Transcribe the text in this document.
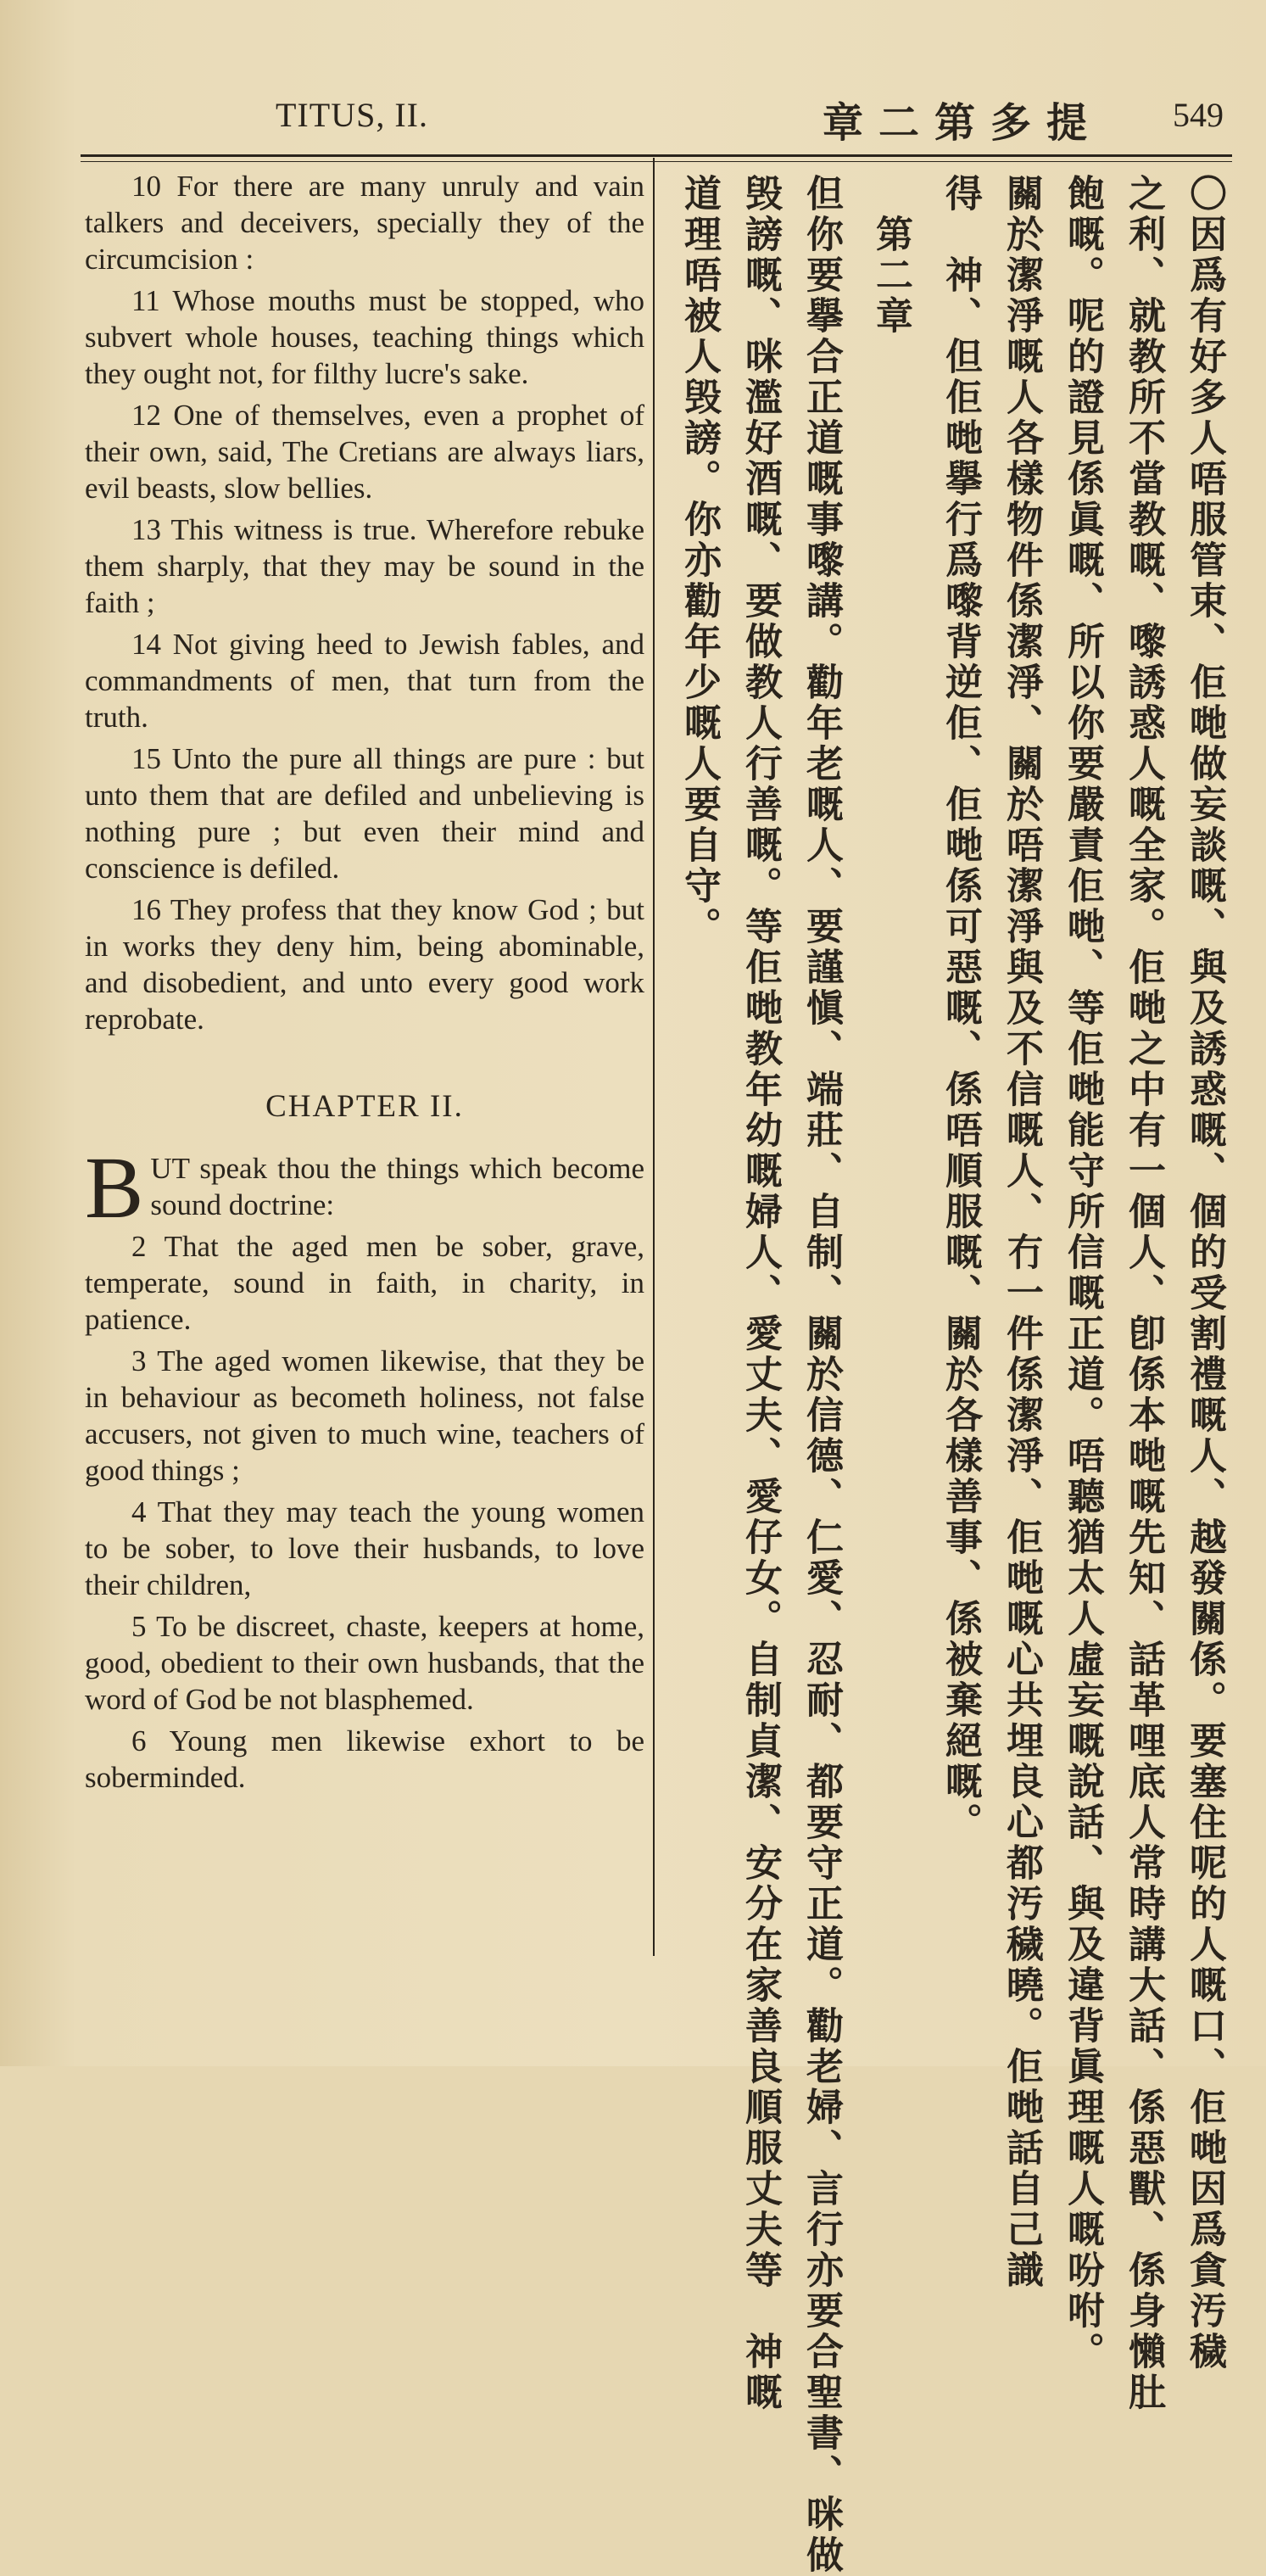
TITUS, II.	章二第多提 549

10 For there are many unruly and vain talkers and deceivers, specially they of the circumcision :

11 Whose mouths must be stopped, who subvert whole houses, teaching things which they ought not, for filthy lucre's sake.

12 One of themselves, even a prophet of their own, said, The Cretians are always liars, evil beasts, slow bellies.

13 This witness is true. Wherefore rebuke them sharply, that they may be sound in the faith ;

14 Not giving heed to Jewish fables, and commandments of men, that turn from the truth.

15 Unto the pure all things are pure : but unto them that are defiled and unbelieving is nothing pure ; but even their mind and conscience is defiled.

16 They profess that they know God ; but in works they deny him, being abominable, and disobedient, and unto every good work reprobate.

CHAPTER II.

BUT speak thou the things which become sound doctrine:

2 That the aged men be sober, grave, temperate, sound in faith, in charity, in patience.

3 The aged women likewise, that they be in behaviour as becometh holiness, not false accusers, not given to much wine, teachers of good things ;

4 That they may teach the young women to be sober, to love their husbands, to love their children,

5 To be discreet, chaste, keepers at home, good, obedient to their own husbands, that the word of God be not blasphemed.

6 Young men likewise exhort to be soberminded.	〇因爲有好多人唔服管束、佢哋做妄談嘅、與及誘惑嘅、個的受割禮嘅人、越發關係。要塞住呢的人嘅口、佢哋因爲貪汚穢
之利、就教所不當教嘅、嚟誘惑人嘅全家。佢哋之中有一個人、卽係本哋嘅先知、話革哩底人常時講大話、係惡獸、係身懶肚
飽嘅。呢的證見係眞嘅、所以你要嚴責佢哋、等佢哋能守所信嘅正道。唔聽猶太人虛妄嘅說話、與及違背眞理嘅人嘅吩咐。
關於潔淨嘅人各樣物件係潔淨、關於唔潔淨與及不信嘅人、冇一件係潔淨、佢哋嘅心共埋良心都汚穢曉。佢哋話自己識
得　神、但佢哋擧行爲嚟背逆佢、佢哋係可惡嘅、係唔順服嘅、關於各樣善事、係被棄絕嘅。
　第二章
但你要擧合正道嘅事嚟講。勸年老嘅人、要謹愼、端莊、自制、關於信德、仁愛、忍耐、都要守正道。勸老婦、言行亦要合聖書、咪做
毁謗嘅、咪濫好酒嘅、要做教人行善嘅。等佢哋教年幼嘅婦人、愛丈夫、愛仔女。自制貞潔、安分在家善良順服丈夫等　神嘅
道理唔被人毁謗。你亦勸年少嘅人要自守。
